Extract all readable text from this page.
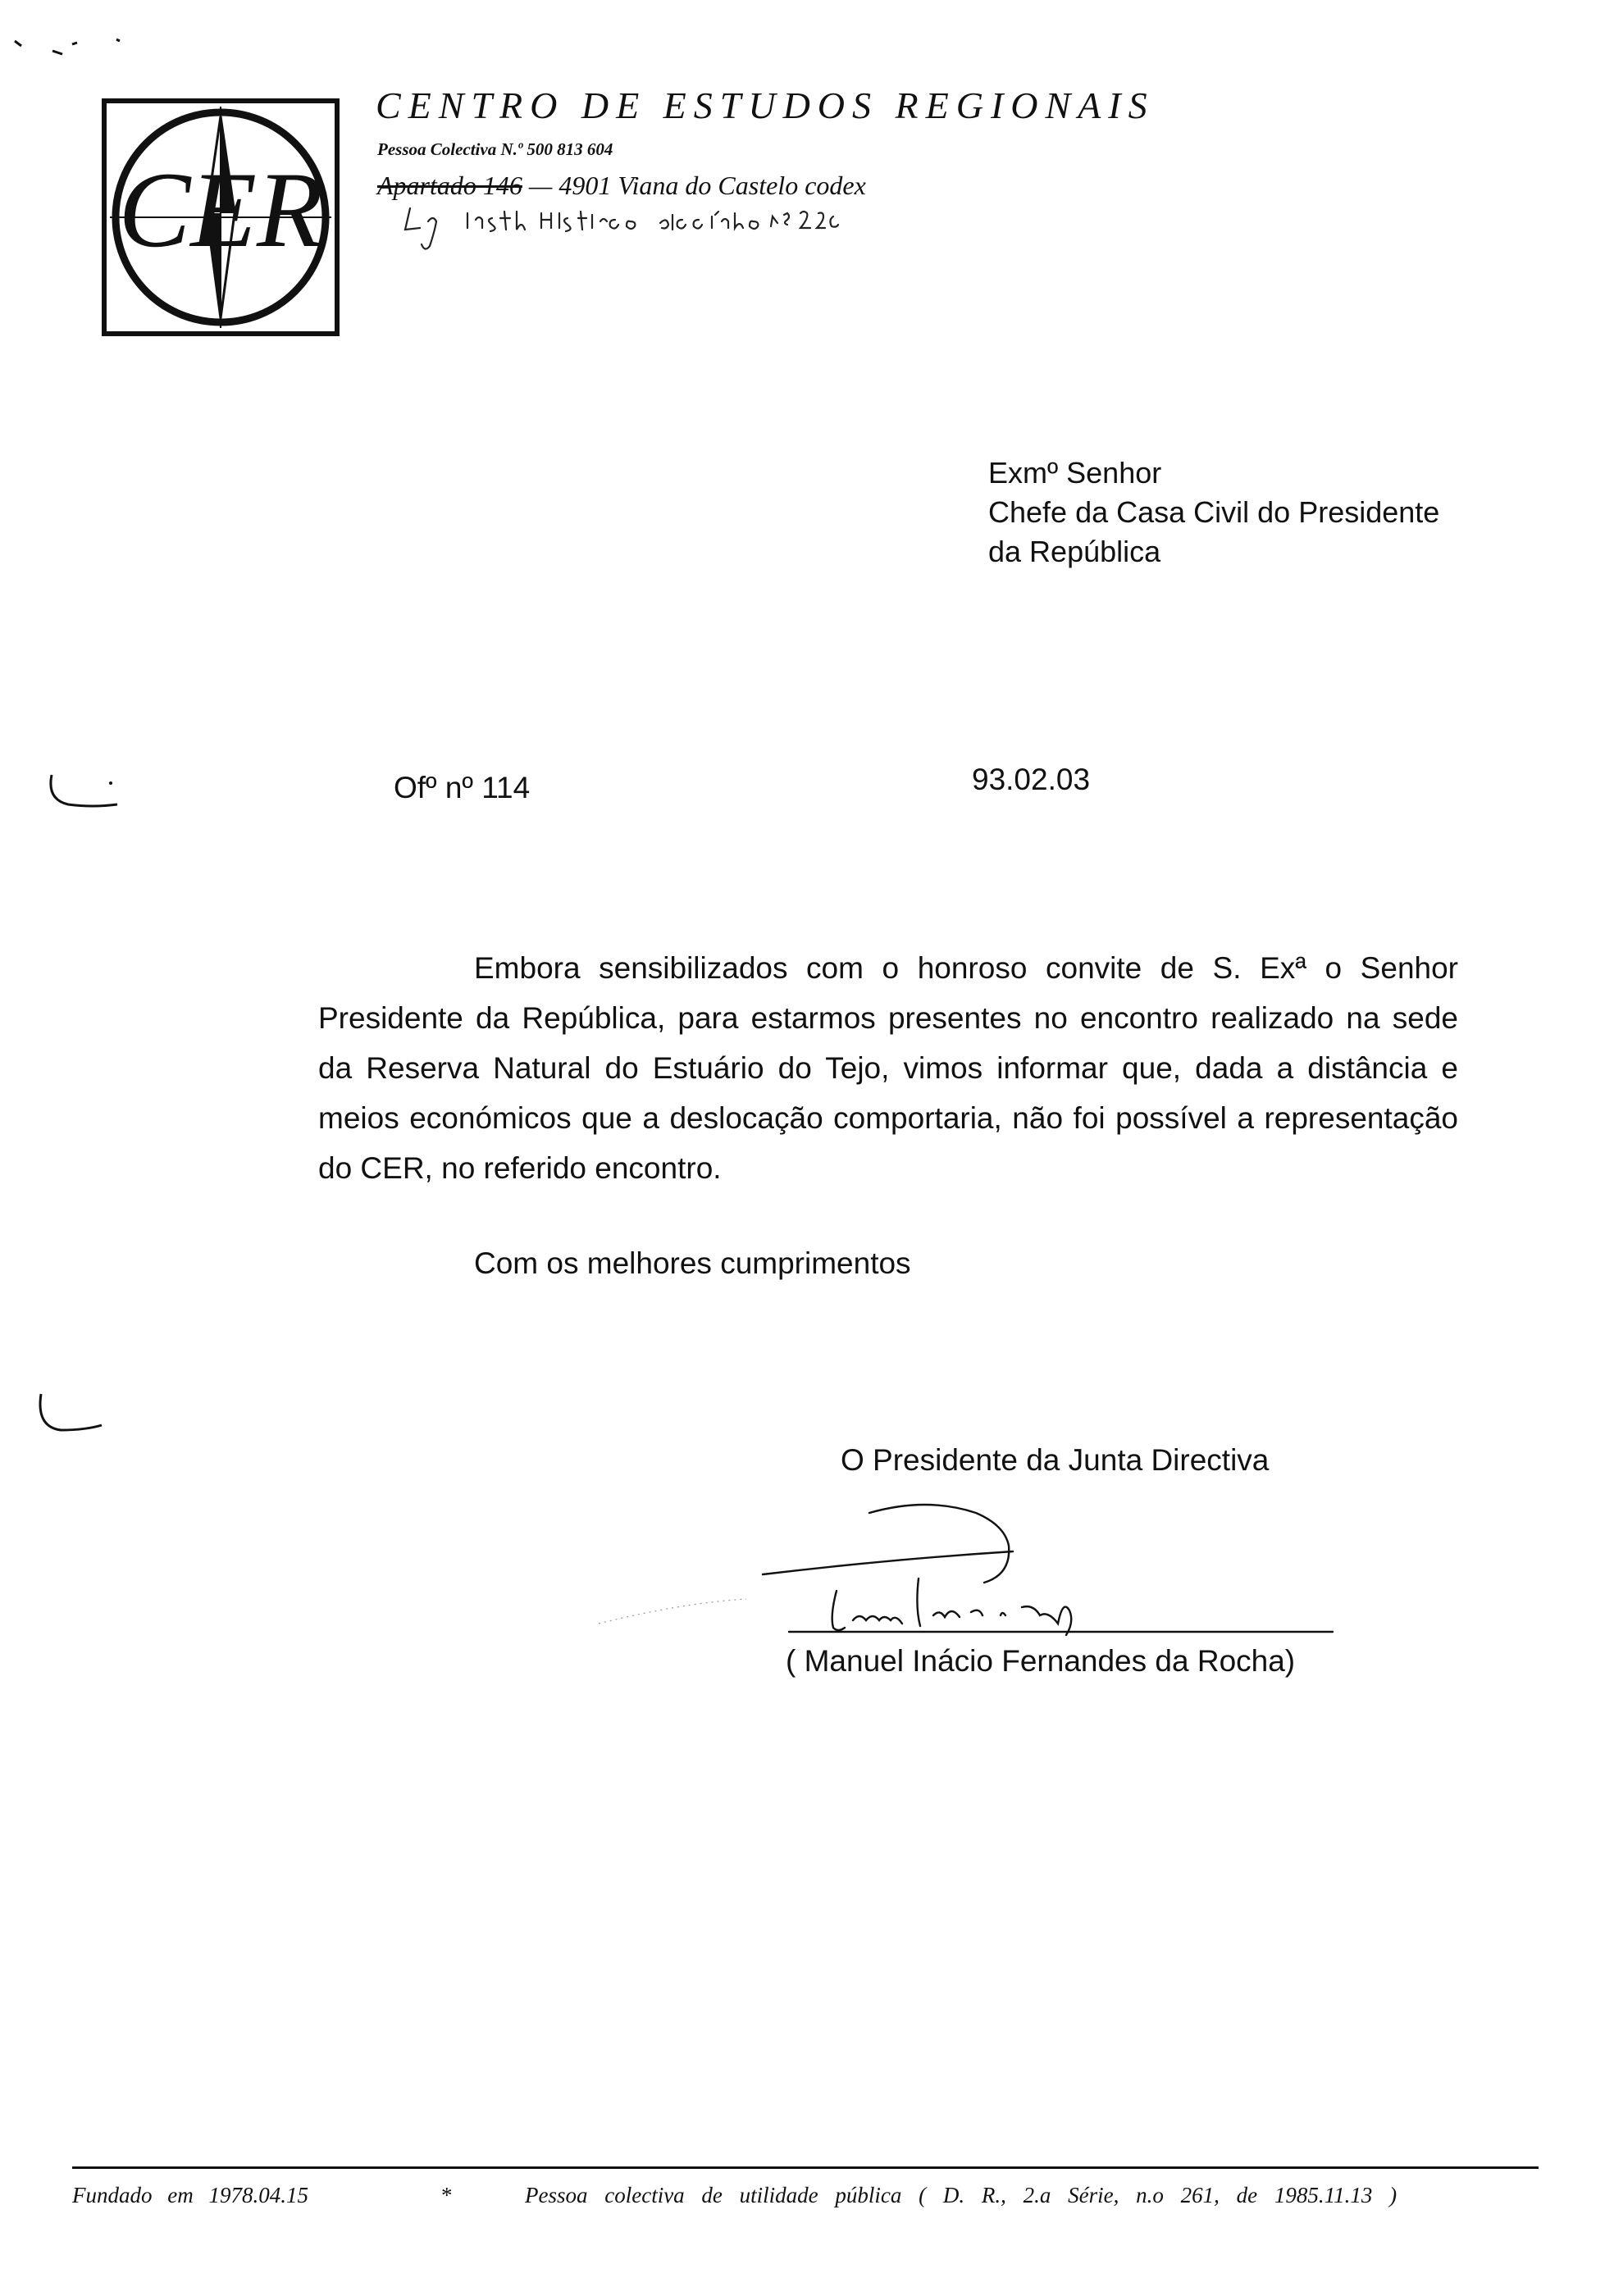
CER
CENTRO DE ESTUDOS REGIONAIS
Pessoa Colectiva N.º 500 813 604
Apartado 146 — 4901 Viana do Castelo codex
Exmº Senhor
Chefe da Casa Civil do Presidente
da República
Ofº nº 114	93.02.03

Embora sensibilizados com o honroso convite de S. Exª o Senhor Presidente da República, para estarmos presentes no encontro realizado na sede da Reserva Natural do Estuário do Tejo, vimos informar que, dada a distância e meios económicos que a deslocação comportaria, não foi possível a representação do CER, no referido encontro.

Com os melhores cumprimentos
O Presidente da Junta Directiva
( Manuel Inácio Fernandes da Rocha)
Fundado em 1978.04.15	*	Pessoa colectiva de utilidade pública ( D. R., 2.a Série, n.o 261, de 1985.11.13 )
